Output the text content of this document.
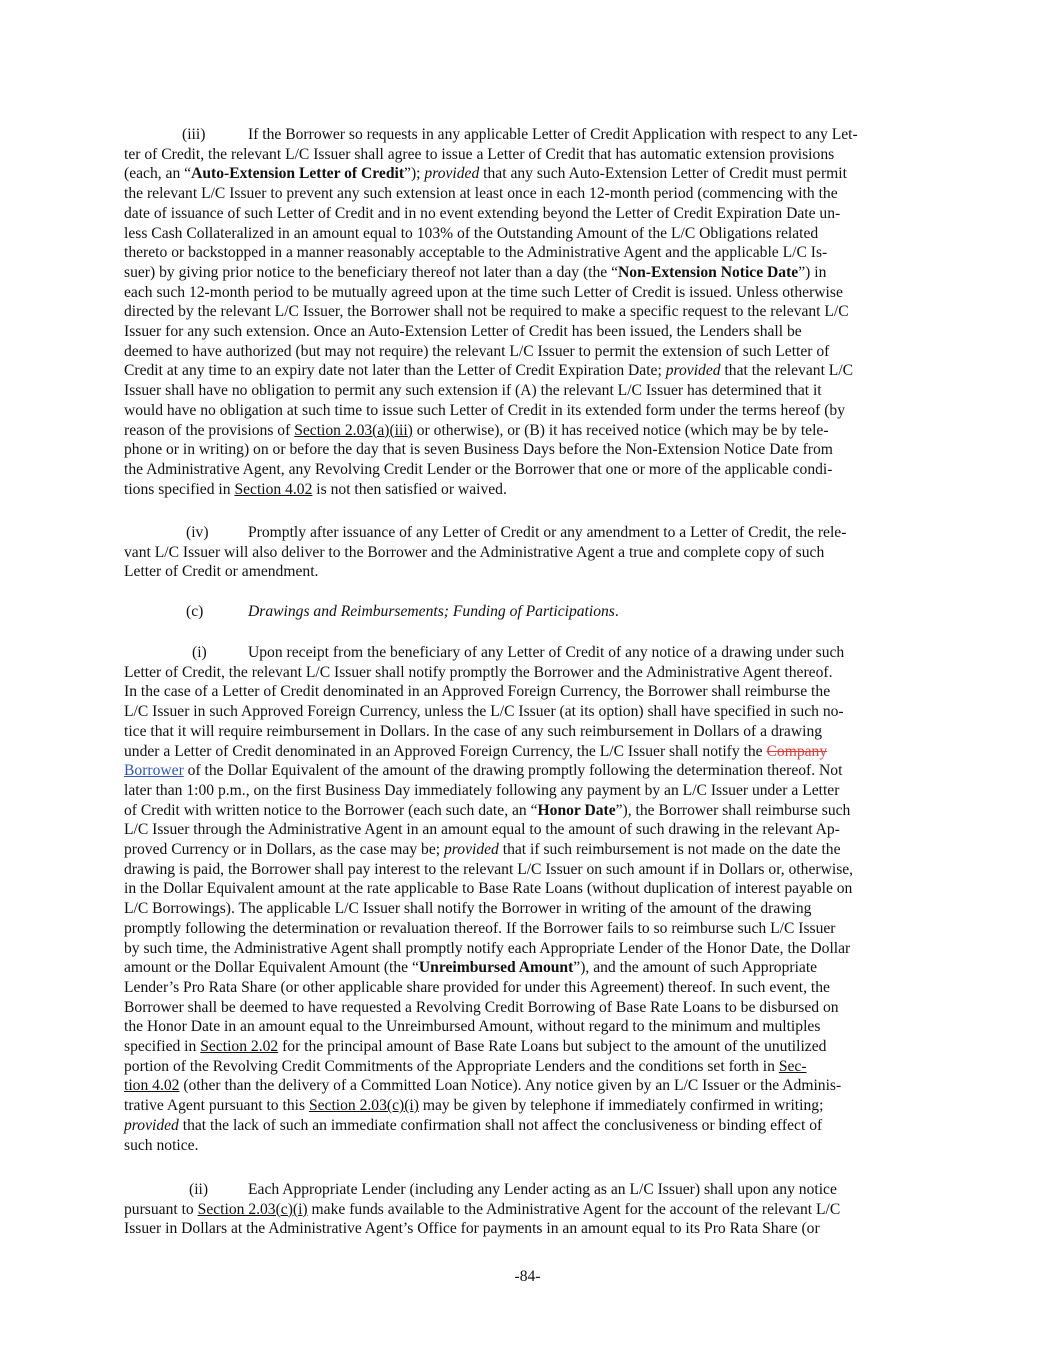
(iii)	If the Borrower so requests in any applicable Letter of Credit Application with respect to any Let-

ter of Credit, the relevant L/C Issuer shall agree to issue a Letter of Credit that has automatic extension provisions

(each, an “Auto-Extension Letter of Credit”); provided that any such Auto-Extension Letter of Credit must permit

the relevant L/C Issuer to prevent any such extension at least once in each 12-month period (commencing with the

date of issuance of such Letter of Credit and in no event extending beyond the Letter of Credit Expiration Date un-

less Cash Collateralized in an amount equal to 103% of the Outstanding Amount of the L/C Obligations related

thereto or backstopped in a manner reasonably acceptable to the Administrative Agent and the applicable L/C Is-

suer) by giving prior notice to the beneficiary thereof not later than a day (the “Non-Extension Notice Date”) in

each such 12-month period to be mutually agreed upon at the time such Letter of Credit is issued. Unless otherwise

directed by the relevant L/C Issuer, the Borrower shall not be required to make a specific request to the relevant L/C

Issuer for any such extension. Once an Auto-Extension Letter of Credit has been issued, the Lenders shall be

deemed to have authorized (but may not require) the relevant L/C Issuer to permit the extension of such Letter of

Credit at any time to an expiry date not later than the Letter of Credit Expiration Date; provided that the relevant L/C

Issuer shall have no obligation to permit any such extension if (A) the relevant L/C Issuer has determined that it

would have no obligation at such time to issue such Letter of Credit in its extended form under the terms hereof (by

reason of the provisions of Section 2.03(a)(iii) or otherwise), or (B) it has received notice (which may be by tele-

phone or in writing) on or before the day that is seven Business Days before the Non-Extension Notice Date from

the Administrative Agent, any Revolving Credit Lender or the Borrower that one or more of the applicable condi-

tions specified in Section 4.02 is not then satisfied or waived.

(iv)	Promptly after issuance of any Letter of Credit or any amendment to a Letter of Credit, the rele-

vant L/C Issuer will also deliver to the Borrower and the Administrative Agent a true and complete copy of such

Letter of Credit or amendment.

(c)	Drawings and Reimbursements; Funding of Participations.

(i)	Upon receipt from the beneficiary of any Letter of Credit of any notice of a drawing under such

Letter of Credit, the relevant L/C Issuer shall notify promptly the Borrower and the Administrative Agent thereof.

In the case of a Letter of Credit denominated in an Approved Foreign Currency, the Borrower shall reimburse the

L/C Issuer in such Approved Foreign Currency, unless the L/C Issuer (at its option) shall have specified in such no-

tice that it will require reimbursement in Dollars. In the case of any such reimbursement in Dollars of a drawing

under a Letter of Credit denominated in an Approved Foreign Currency, the L/C Issuer shall notify the Company

Borrower of the Dollar Equivalent of the amount of the drawing promptly following the determination thereof. Not

later than 1:00 p.m., on the first Business Day immediately following any payment by an L/C Issuer under a Letter

of Credit with written notice to the Borrower (each such date, an “Honor Date”), the Borrower shall reimburse such

L/C Issuer through the Administrative Agent in an amount equal to the amount of such drawing in the relevant Ap-

proved Currency or in Dollars, as the case may be; provided that if such reimbursement is not made on the date the

drawing is paid, the Borrower shall pay interest to the relevant L/C Issuer on such amount if in Dollars or, otherwise,

in the Dollar Equivalent amount at the rate applicable to Base Rate Loans (without duplication of interest payable on

L/C Borrowings). The applicable L/C Issuer shall notify the Borrower in writing of the amount of the drawing

promptly following the determination or revaluation thereof. If the Borrower fails to so reimburse such L/C Issuer

by such time, the Administrative Agent shall promptly notify each Appropriate Lender of the Honor Date, the Dollar

amount or the Dollar Equivalent Amount (the “Unreimbursed Amount”), and the amount of such Appropriate

Lender’s Pro Rata Share (or other applicable share provided for under this Agreement) thereof. In such event, the

Borrower shall be deemed to have requested a Revolving Credit Borrowing of Base Rate Loans to be disbursed on

the Honor Date in an amount equal to the Unreimbursed Amount, without regard to the minimum and multiples

specified in Section 2.02 for the principal amount of Base Rate Loans but subject to the amount of the unutilized

portion of the Revolving Credit Commitments of the Appropriate Lenders and the conditions set forth in Sec-

tion 4.02 (other than the delivery of a Committed Loan Notice). Any notice given by an L/C Issuer or the Adminis-

trative Agent pursuant to this Section 2.03(c)(i) may be given by telephone if immediately confirmed in writing;

provided that the lack of such an immediate confirmation shall not affect the conclusiveness or binding effect of

such notice.

(ii)	Each Appropriate Lender (including any Lender acting as an L/C Issuer) shall upon any notice

pursuant to Section 2.03(c)(i) make funds available to the Administrative Agent for the account of the relevant L/C

Issuer in Dollars at the Administrative Agent’s Office for payments in an amount equal to its Pro Rata Share (or

-84-
